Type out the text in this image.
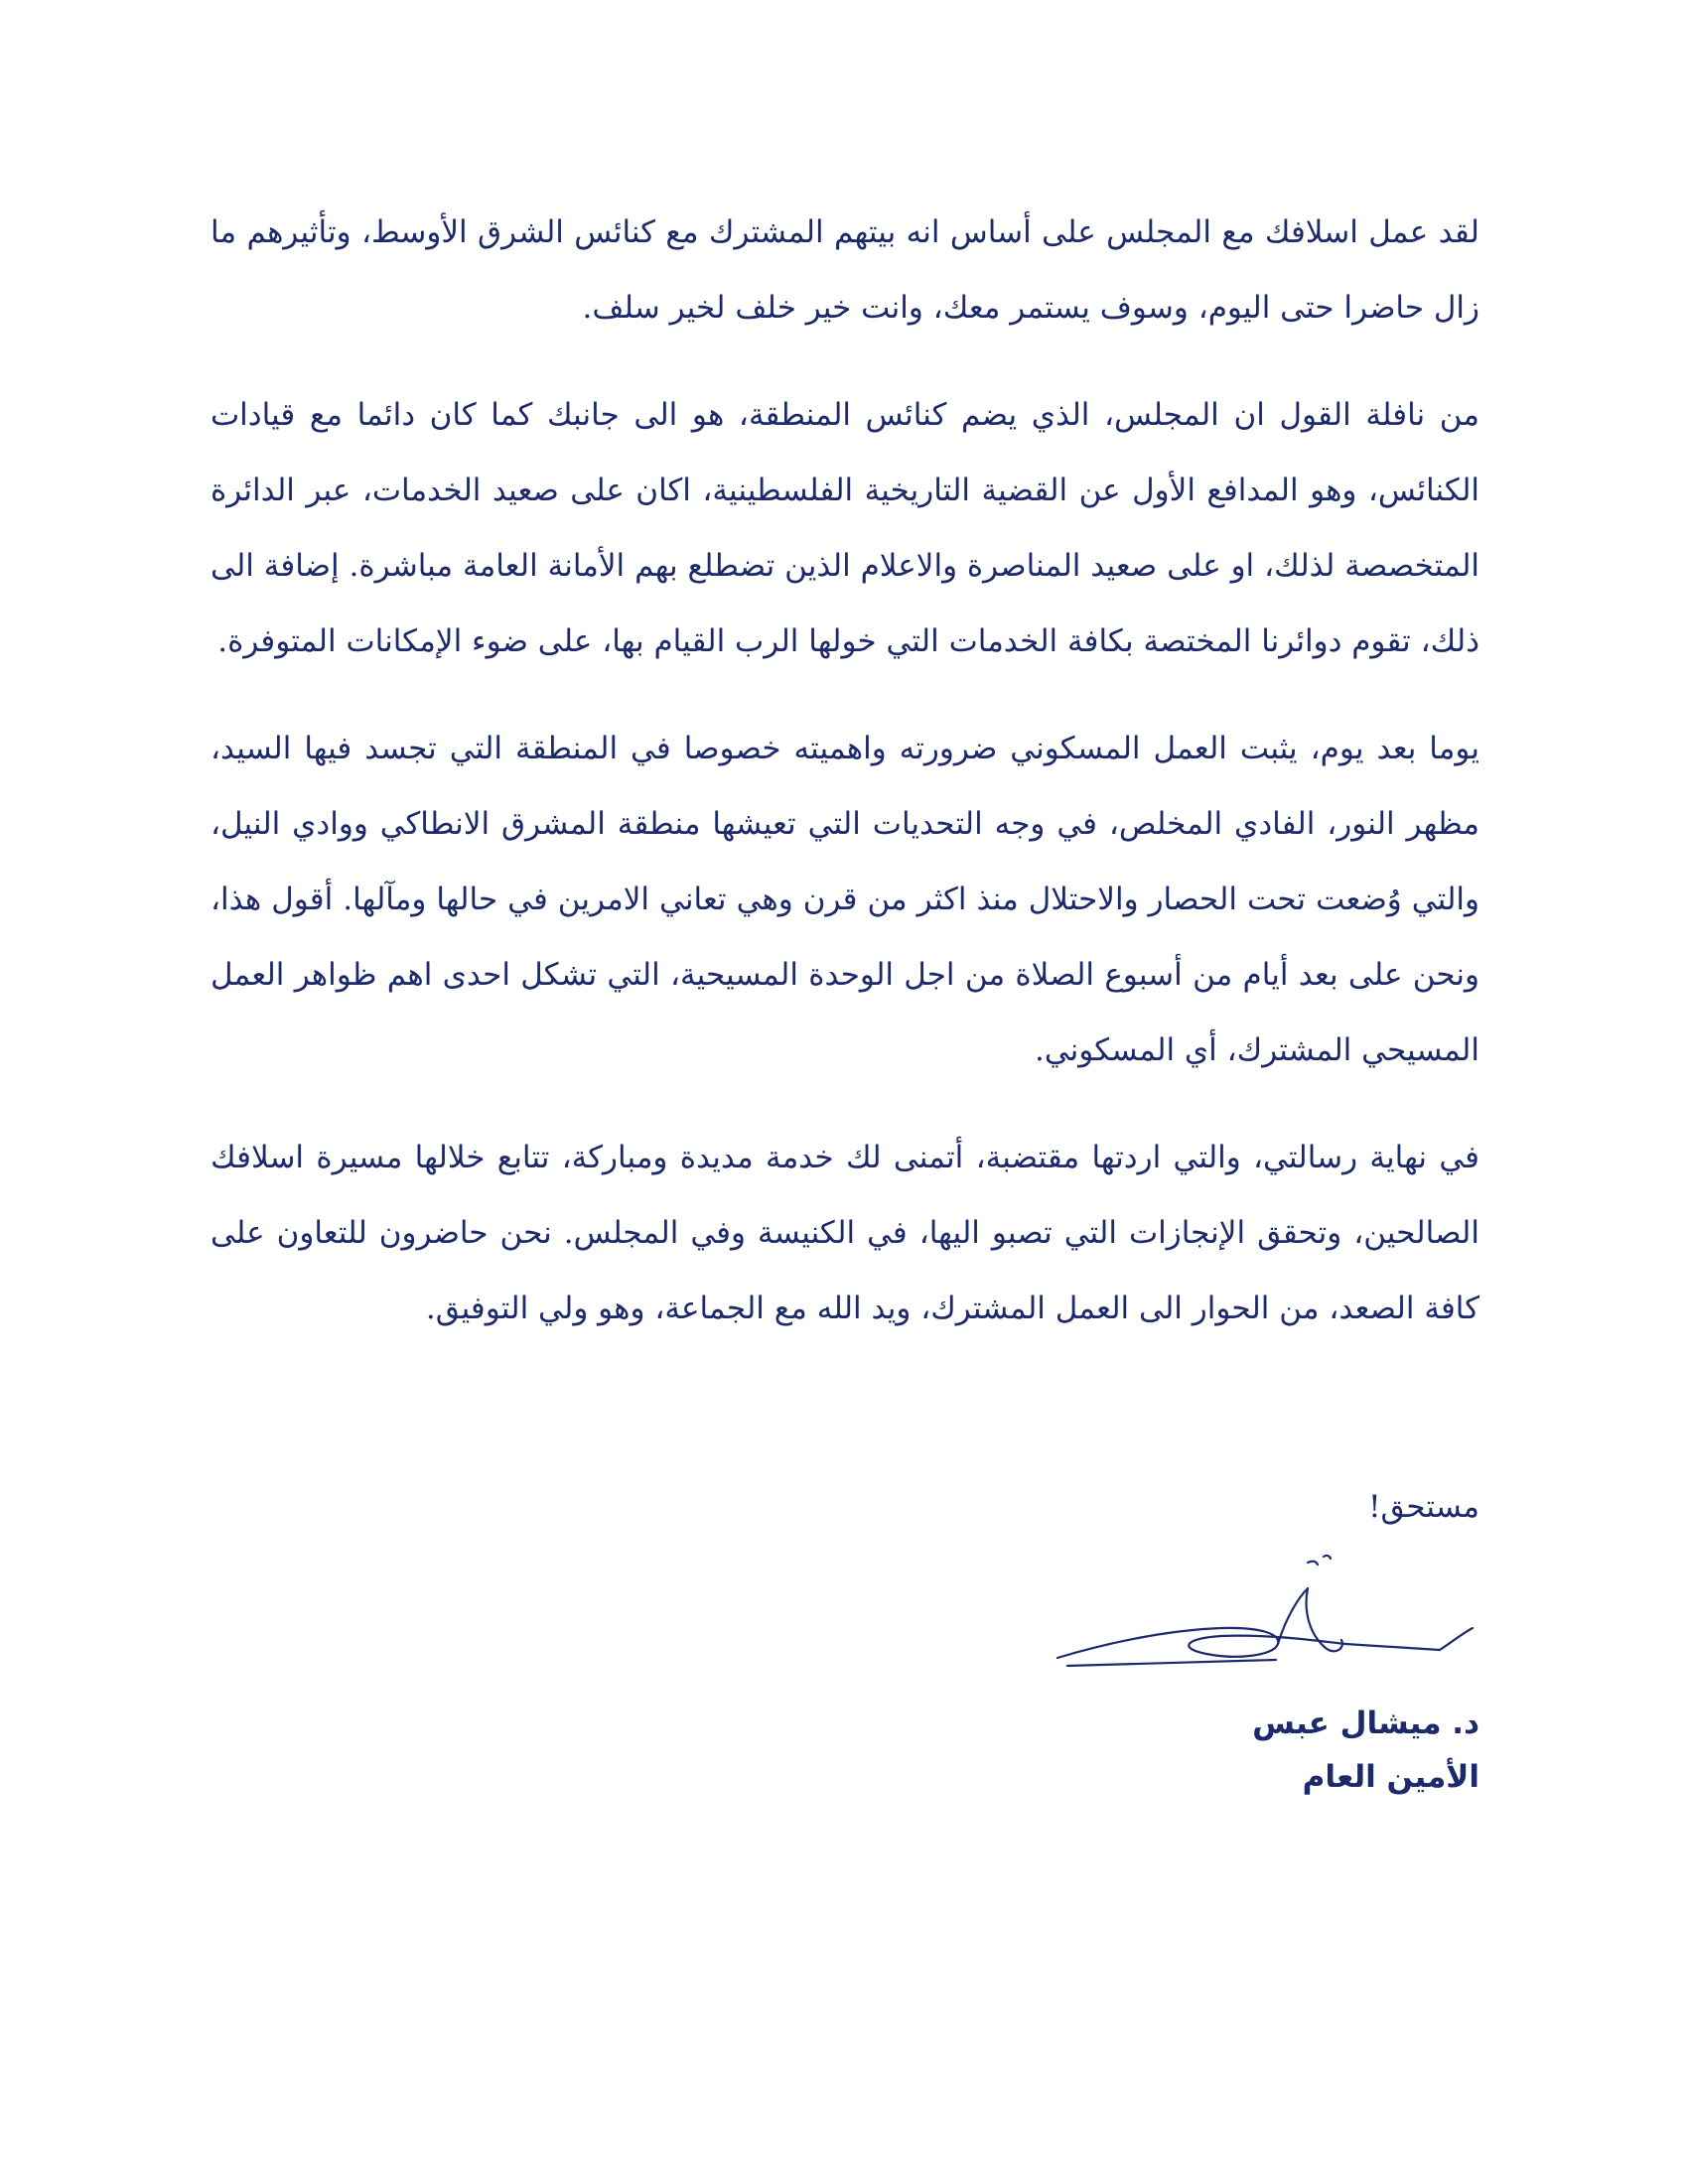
لقد عمل اسلافك مع المجلس على أساس انه بيتهم المشترك مع كنائس الشرق الأوسط، وتأثيرهم ما زال حاضرا حتى اليوم، وسوف يستمر معك، وانت خير خلف لخير سلف.

من نافلة القول ان المجلس، الذي يضم كنائس المنطقة، هو الى جانبك كما كان دائما مع قيادات الكنائس، وهو المدافع الأول عن القضية التاريخية الفلسطينية، اكان على صعيد الخدمات، عبر الدائرة المتخصصة لذلك، او على صعيد المناصرة والاعلام الذين تضطلع بهم الأمانة العامة مباشرة. إضافة الى ذلك، تقوم دوائرنا المختصة بكافة الخدمات التي خولها الرب القيام بها، على ضوء الإمكانات المتوفرة.

يوما بعد يوم، يثبت العمل المسكوني ضرورته واهميته خصوصا في المنطقة التي تجسد فيها السيد، مظهر النور، الفادي المخلص، في وجه التحديات التي تعيشها منطقة المشرق الانطاكي ووادي النيل، والتي وُضعت تحت الحصار والاحتلال منذ اكثر من قرن وهي تعاني الامرين في حالها ومآلها. أقول هذا، ونحن على بعد أيام من أسبوع الصلاة من اجل الوحدة المسيحية، التي تشكل احدى اهم ظواهر العمل المسيحي المشترك، أي المسكوني.

في نهاية رسالتي، والتي اردتها مقتضبة، أتمنى لك خدمة مديدة ومباركة، تتابع خلالها مسيرة اسلافك الصالحين، وتحقق الإنجازات التي تصبو اليها، في الكنيسة وفي المجلس. نحن حاضرون للتعاون على كافة الصعد، من الحوار الى العمل المشترك، ويد الله مع الجماعة، وهو ولي التوفيق.

مستحق!
د. ميشال عبس
الأمين العام
